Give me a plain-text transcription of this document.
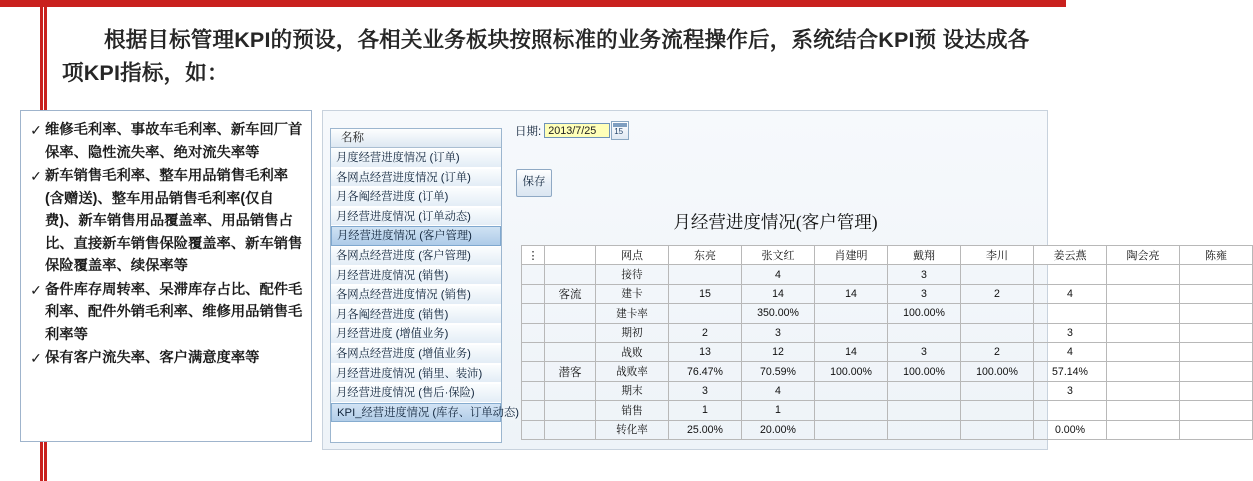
根据目标管理KPI的预设，各相关业务板块按照标准的业务流程操作后，系统结合KPI预 设达成各项KPI指标，如：
✓ 维修毛利率、事故车毛利率、新车回厂首保率、隐性流失率、绝对流失率等
✓ 新车销售毛利率、整车用品销售毛利率(含赠送)、整车用品销售毛利率(仅自费)、新车销售用品覆盖率、用品销售占比、直接新车销售保险覆盖率、新车销售保险覆盖率、续保率等
✓ 备件库存周转率、呆滞库存占比、配件毛利率、配件外销毛利率、维修用品销售毛利率等
✓ 保有客户流失率、客户满意度率等
名称
月度经营进度情况 (订单)
各网点经营进度情况 (订单)
月各阄经营进度 (订单)
月经营进度情况 (订单动态)
月经营进度情况 (客户管理)
各网点经营进度 (客户管理)
月经营进度情况 (销售)
各网点经营进度情况 (销售)
月各阄经营进度 (销售)
月经营进度 (增值业务)
各网点经营进度 (增值业务)
月经营进度情况 (销里、装沛)
月经营进度情况 (售后·保险)
KPI_经营进度情况 (库存、订单动态)
日期: 2013/7/25
15
保存
月经营进度情况(客户管理)
⋮		网点	东亮	张文红	肖建明	戴翔	李川	姜云燕	陶会亮	陈雍
		接待		4		3				
	客流	建卡	15	14	14	3	2	4		
		建卡率		350.00%		100.00%				
		期初	2	3				3		
		战败	13	12	14	3	2	4		
	潜客	战败率	76.47%	70.59%	100.00%	100.00%	100.00%	57.14%		
		期末	3	4				3		
		销售	1	1						
		转化率	25.00%	20.00%				0.00%		
